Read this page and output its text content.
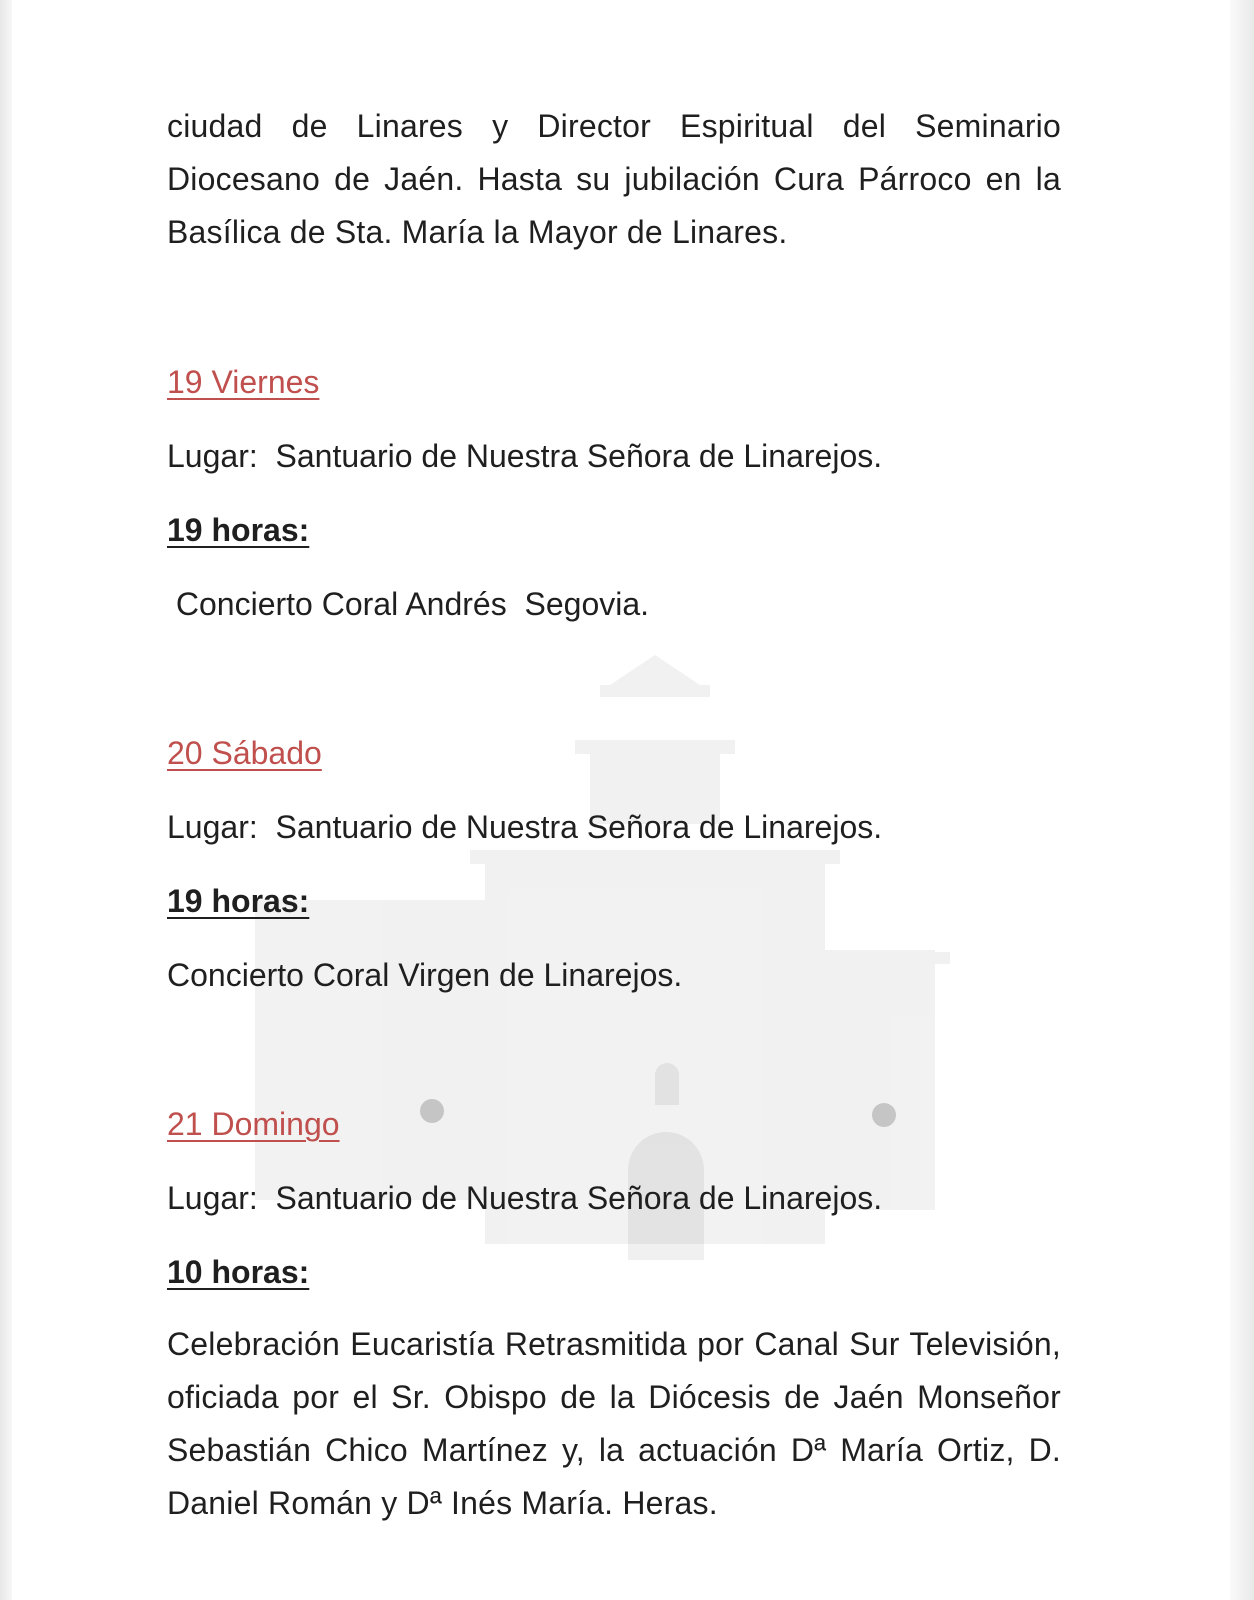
ciudad de Linares y Director Espiritual del Seminario Diocesano de Jaén. Hasta su jubilación Cura Párroco en la Basílica de Sta. María la Mayor de Linares.

19 Viernes
Lugar:  Santuario de Nuestra Señora de Linarejos.
19 horas:
Concierto Coral Andrés  Segovia.
20 Sábado
Lugar:  Santuario de Nuestra Señora de Linarejos.
19 horas:
Concierto Coral Virgen de Linarejos.
21 Domingo
Lugar:  Santuario de Nuestra Señora de Linarejos.
10 horas:

Celebración Eucaristía Retrasmitida por Canal Sur Televisión, oficiada por el Sr. Obispo de la Diócesis de Jaén Monseñor Sebastián Chico Martínez y, la actuación Dª María Ortiz, D. Daniel Román y Dª Inés María. Heras.
